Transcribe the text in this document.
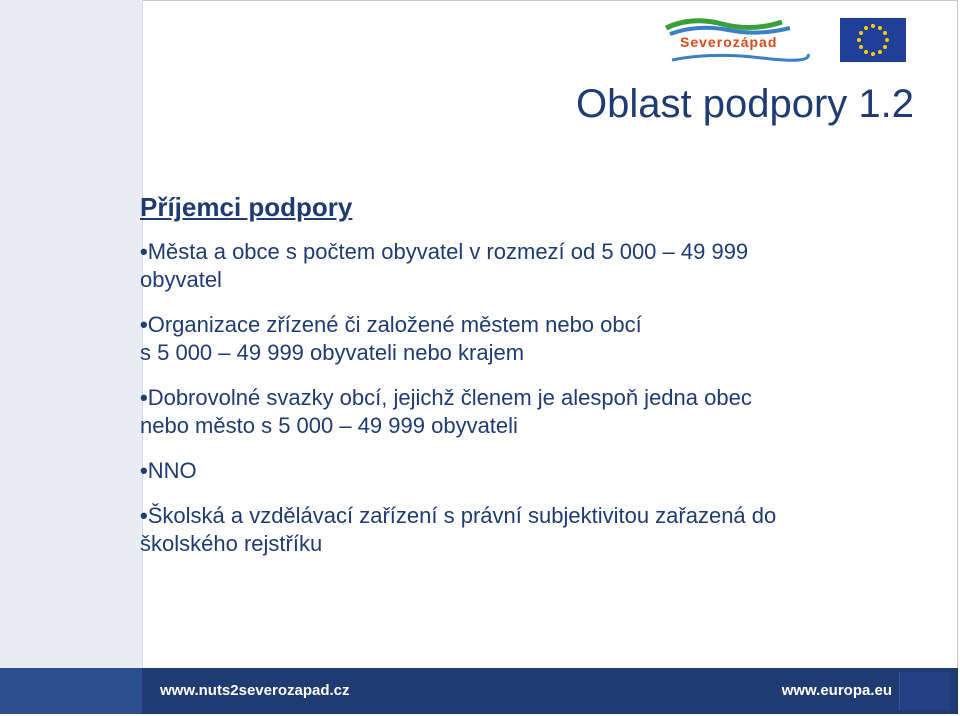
Severozápad
Oblast podpory 1.2
Příjemci podpory
•Města a obce s počtem obyvatel v rozmezí od 5 000 – 49 999
obyvatel
•Organizace zřízené či založené městem nebo obcí
s 5 000 – 49 999 obyvateli nebo krajem
•Dobrovolné svazky obcí, jejichž členem je alespoň jedna obec
nebo město s 5 000 – 49 999 obyvateli
•NNO
•Školská a vzdělávací zařízení s právní subjektivitou zařazená do
školského rejstříku
www.nuts2severozapad.cz	www.europa.eu
